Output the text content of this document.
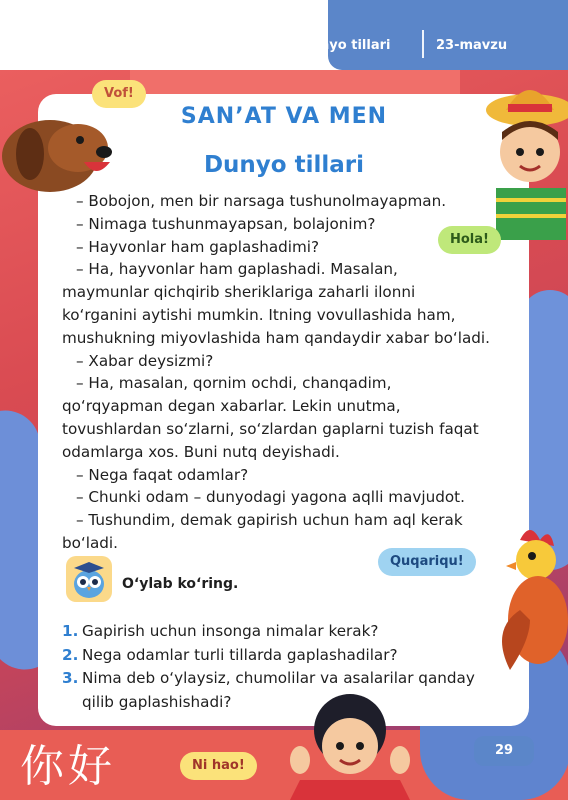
Dunyo tillari	23-mavzu
你好
SAN’AT VA MEN
Dunyo tillari
– Bobojon, men bir narsaga tushunolmayapman.
– Nimaga tushunmayapsan, bolajonim?
– Hayvonlar ham gaplashadimi?
– Ha, hayvonlar ham gaplashadi. Masalan,
maymunlar qichqirib sheriklariga zaharli ilonni
ko‘rganini aytishi mumkin. Itning vovullashida ham,
mushukning miyovlashida ham qandaydir xabar bo‘ladi.
– Xabar deysizmi?
– Ha, masalan, qornim ochdi, chanqadim,
qo‘rqyapman degan xabarlar. Lekin unutma,
tovushlardan so‘zlarni, so‘zlardan gaplarni tuzish faqat
odamlarga xos. Buni nutq deyishadi.
– Nega faqat odamlar?
– Chunki odam – dunyodagi yagona aqlli mavjudot.
– Tushundim, demak gapirish uchun ham aql kerak
bo‘ladi.
O‘ylab ko‘ring.
1. Gapirish uchun insonga nimalar kerak?
2. Nega odamlar turli tillarda gaplashadilar?
3. Nima deb o‘ylaysiz, chumolilar va asalarilar qanday
qilib gaplashishadi?
Vof!
Hola!
Quqariqu!
Ni hao!
29
